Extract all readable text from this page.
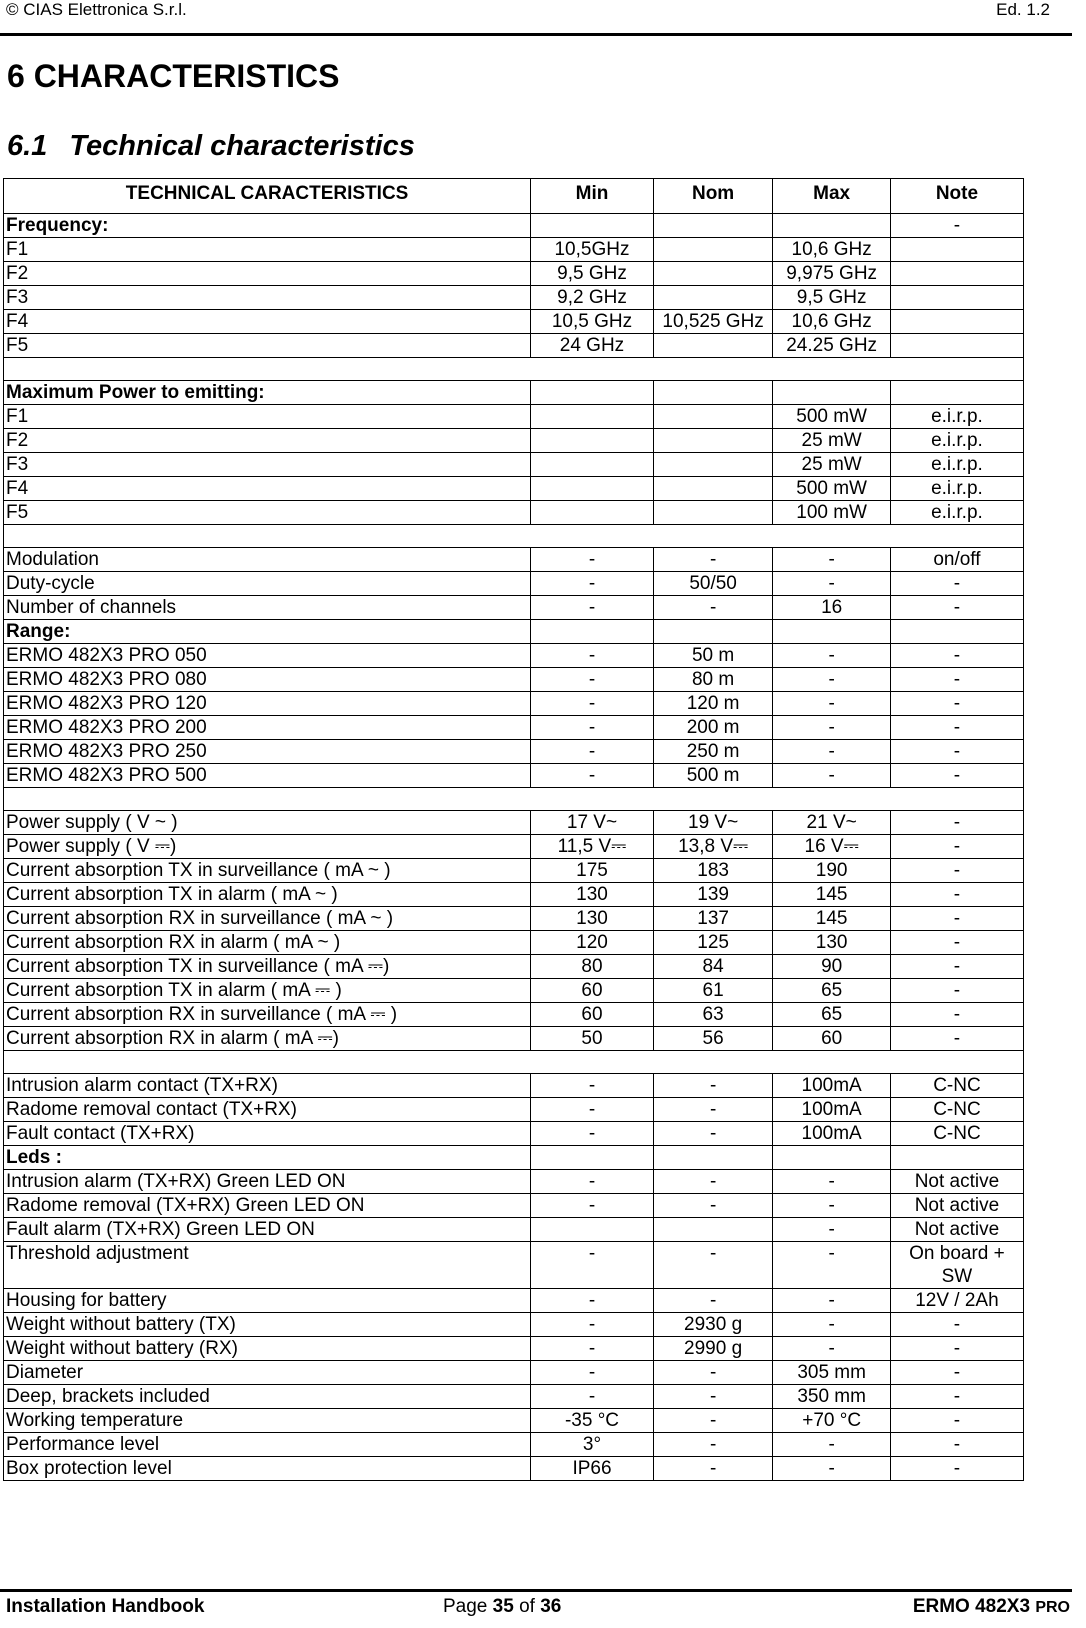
© CIAS Elettronica S.r.l.	Ed. 1.2
6 CHARACTERISTICS
6.1 Technical characteristics
TECHNICAL CARACTERISTICS	Min	Nom	Max	Note
Frequency:				-
F1	10,5GHz		10,6 GHz	
F2	9,5 GHz		9,975 GHz	
F3	9,2 GHz		9,5 GHz	
F4	10,5 GHz	10,525 GHz	10,6 GHz	
F5	24 GHz		24.25 GHz	

Maximum Power to emitting:				
F1			500 mW	e.i.r.p.
F2			25 mW	e.i.r.p.
F3			25 mW	e.i.r.p.
F4			500 mW	e.i.r.p.
F5			100 mW	e.i.r.p.

Modulation	-	-	-	on/off
Duty-cycle	-	50/50	-	-
Number of channels	-	-	16	-
Range:				
ERMO 482X3 PRO 050	-	50 m	-	-
ERMO 482X3 PRO 080	-	80 m	-	-
ERMO 482X3 PRO 120	-	120 m	-	-
ERMO 482X3 PRO 200	-	200 m	-	-
ERMO 482X3 PRO 250	-	250 m	-	-
ERMO 482X3 PRO 500	-	500 m	-	-

Power supply ( V ~ )	17 V~	19 V~	21 V~	-
Power supply ( V ⎓)	11,5 V⎓	13,8 V⎓	16 V⎓	-
Current absorption TX in surveillance ( mA ~ )	175	183	190	-
Current absorption TX in alarm ( mA ~ )	130	139	145	-
Current absorption RX in surveillance ( mA ~ )	130	137	145	-
Current absorption RX in alarm ( mA ~ )	120	125	130	-
Current absorption TX in surveillance ( mA ⎓)	80	84	90	-
Current absorption TX in alarm ( mA ⎓ )	60	61	65	-
Current absorption RX in surveillance ( mA ⎓ )	60	63	65	-
Current absorption RX in alarm ( mA ⎓)	50	56	60	-

Intrusion alarm contact (TX+RX)	-	-	100mA	C-NC
Radome removal contact (TX+RX)	-	-	100mA	C-NC
Fault contact (TX+RX)	-	-	100mA	C-NC
Leds :				
Intrusion alarm (TX+RX) Green LED ON	-	-	-	Not active
Radome removal (TX+RX) Green LED ON	-	-	-	Not active
Fault alarm (TX+RX) Green LED ON			-	Not active
Threshold adjustment	-	-	-	On board + SW
Housing for battery	-	-	-	12V / 2Ah
Weight without battery (TX)	-	2930 g	-	-
Weight without battery (RX)	-	2990 g	-	-
Diameter	-	-	305 mm	-
Deep, brackets included	-	-	350 mm	-
Working temperature	-35 °C	-	+70 °C	-
Performance level	3°	-	-	-
Box protection level	IP66	-	-	-
Installation Handbook	Page 35 of 36	ERMO 482X3 PRO
